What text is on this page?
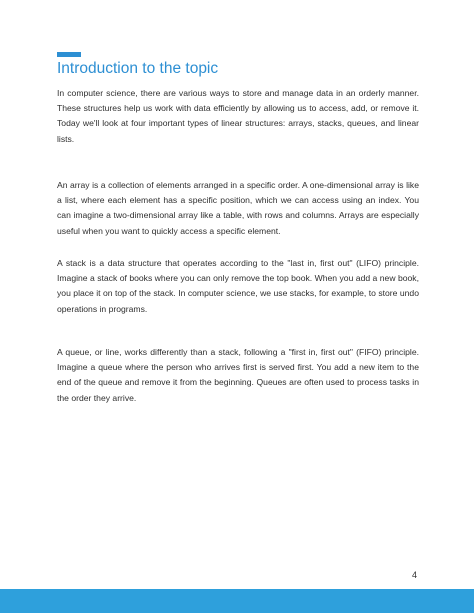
Introduction to the topic

In computer science, there are various ways to store and manage data in an orderly manner. These structures help us work with data efficiently by allowing us to access, add, or remove it. Today we'll look at four important types of linear structures: arrays, stacks, queues, and linear lists.

An array is a collection of elements arranged in a specific order. A one-dimensional array is like a list, where each element has a specific position, which we can access using an index. You can imagine a two-dimensional array like a table, with rows and columns. Arrays are especially useful when you want to quickly access a specific element.

A stack is a data structure that operates according to the "last in, first out" (LIFO) principle. Imagine a stack of books where you can only remove the top book. When you add a new book, you place it on top of the stack. In computer science, we use stacks, for example, to store undo operations in programs.

A queue, or line, works differently than a stack, following a "first in, first out" (FIFO) principle. Imagine a queue where the person who arrives first is served first. You add a new item to the end of the queue and remove it from the beginning. Queues are often used to process tasks in the order they arrive.

4
